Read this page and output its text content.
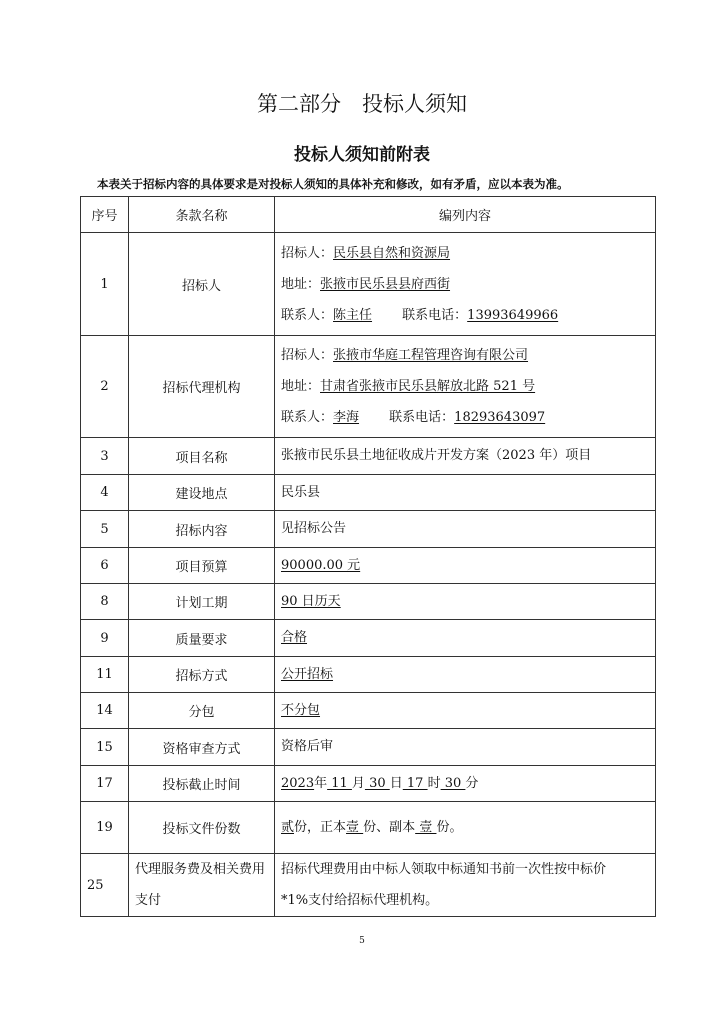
第二部分　投标人须知
投标人须知前附表
本表关于招标内容的具体要求是对投标人须知的具体补充和修改，如有矛盾，应以本表为准。
序号	条款名称	编列内容
1	招标人	招标人：民乐县自然和资源局
地址：张掖市民乐县县府西街
联系人：陈主任　　 联系电话：13993649966

2	招标代理机构	招标人：张掖市华庭工程管理咨询有限公司
地址：甘肃省张掖市民乐县解放北路 521 号
联系人：李海　　 联系电话：18293643097

3	项目名称	张掖市民乐县土地征收成片开发方案（2023 年）项目

4	建设地点	民乐县

5	招标内容	见招标公告

6	项目预算	90000.00 元

8	计划工期	90 日历天

9	质量要求	合格

11	招标方式	公开招标

14	分包	不分包

15	资格审查方式	资格后审

17	投标截止时间	2023年 11 月 30 日 17 时 30 分

19	投标文件份数	贰份，正本壹 份、副本 壹 份。

25	代理服务费及相关费用支付	招标代理费用由中标人领取中标通知书前一次性按中标价
*1%支付给招标代理机构。
5
